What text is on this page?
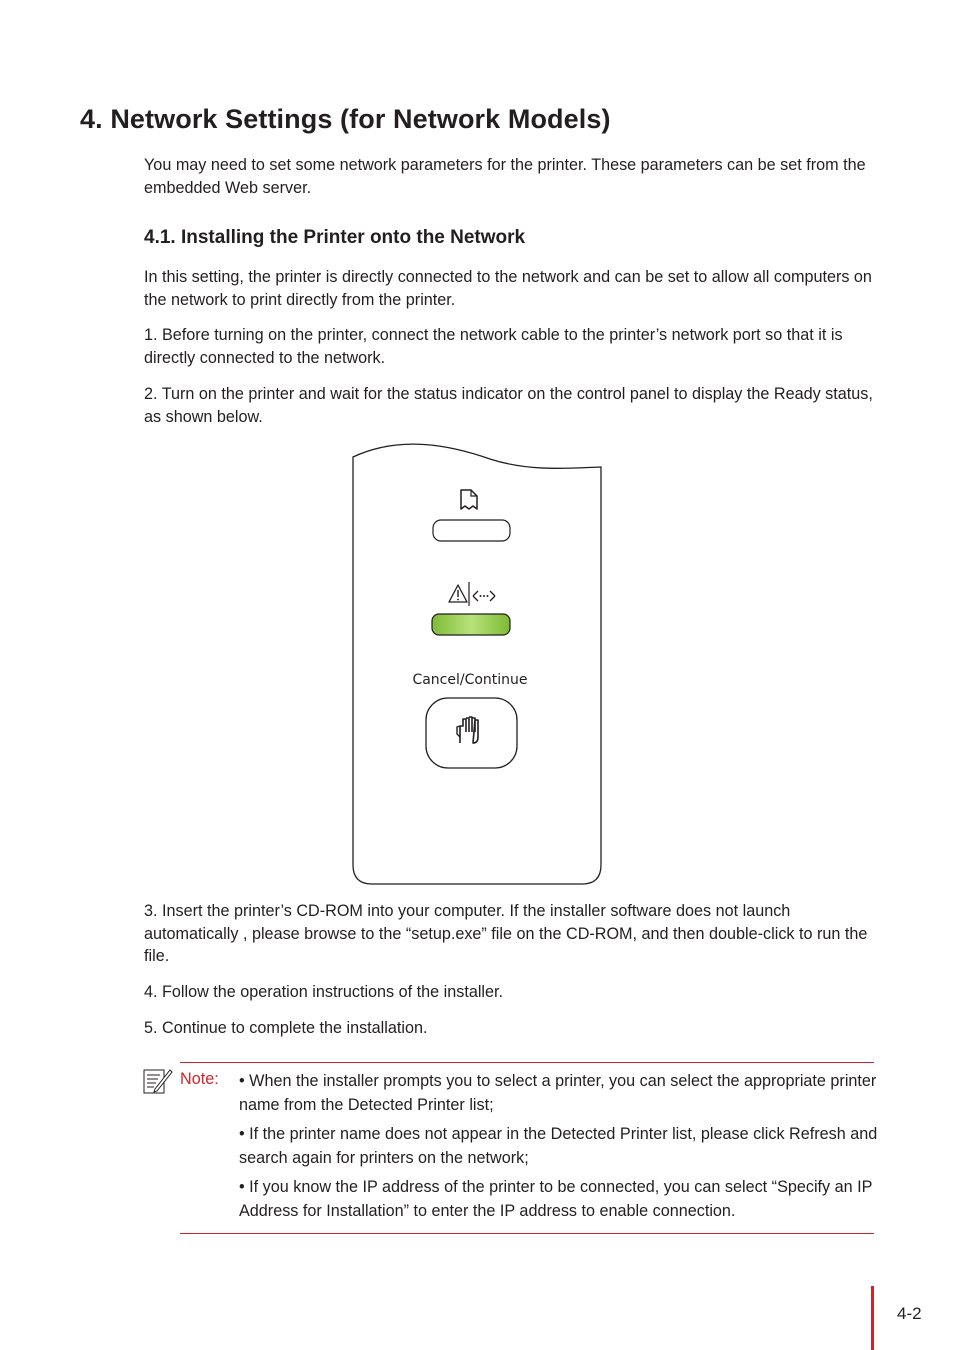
4. Network Settings (for Network Models)

You may need to set some network parameters for the printer. These parameters can be set from the embedded Web server.

4.1. Installing the Printer onto the Network

In this setting, the printer is directly connected to the network and can be set to allow all computers on the network to print directly from the printer.

1. Before turning on the printer, connect the network cable to the printer’s network port so that it is directly connected to the network.

2. Turn on the printer and wait for the status indicator on the control panel to display the Ready status, as shown below.

Cancel/Continue

3. Insert the printer’s CD-ROM into your computer. If the installer software does not launch automatically , please browse to the “setup.exe” file on the CD-ROM, and then double-click to run the file.

4. Follow the operation instructions of the installer.

5. Continue to complete the installation.

Note: • When the installer prompts you to select a printer, you can select the appropriate printer name from the Detected Printer list;

• If the printer name does not appear in the Detected Printer list, please click Refresh and search again for printers on the network;

• If you know the IP address of the printer to be connected, you can select “Specify an IP Address for Installation” to enter the IP address to enable connection.

4-2
